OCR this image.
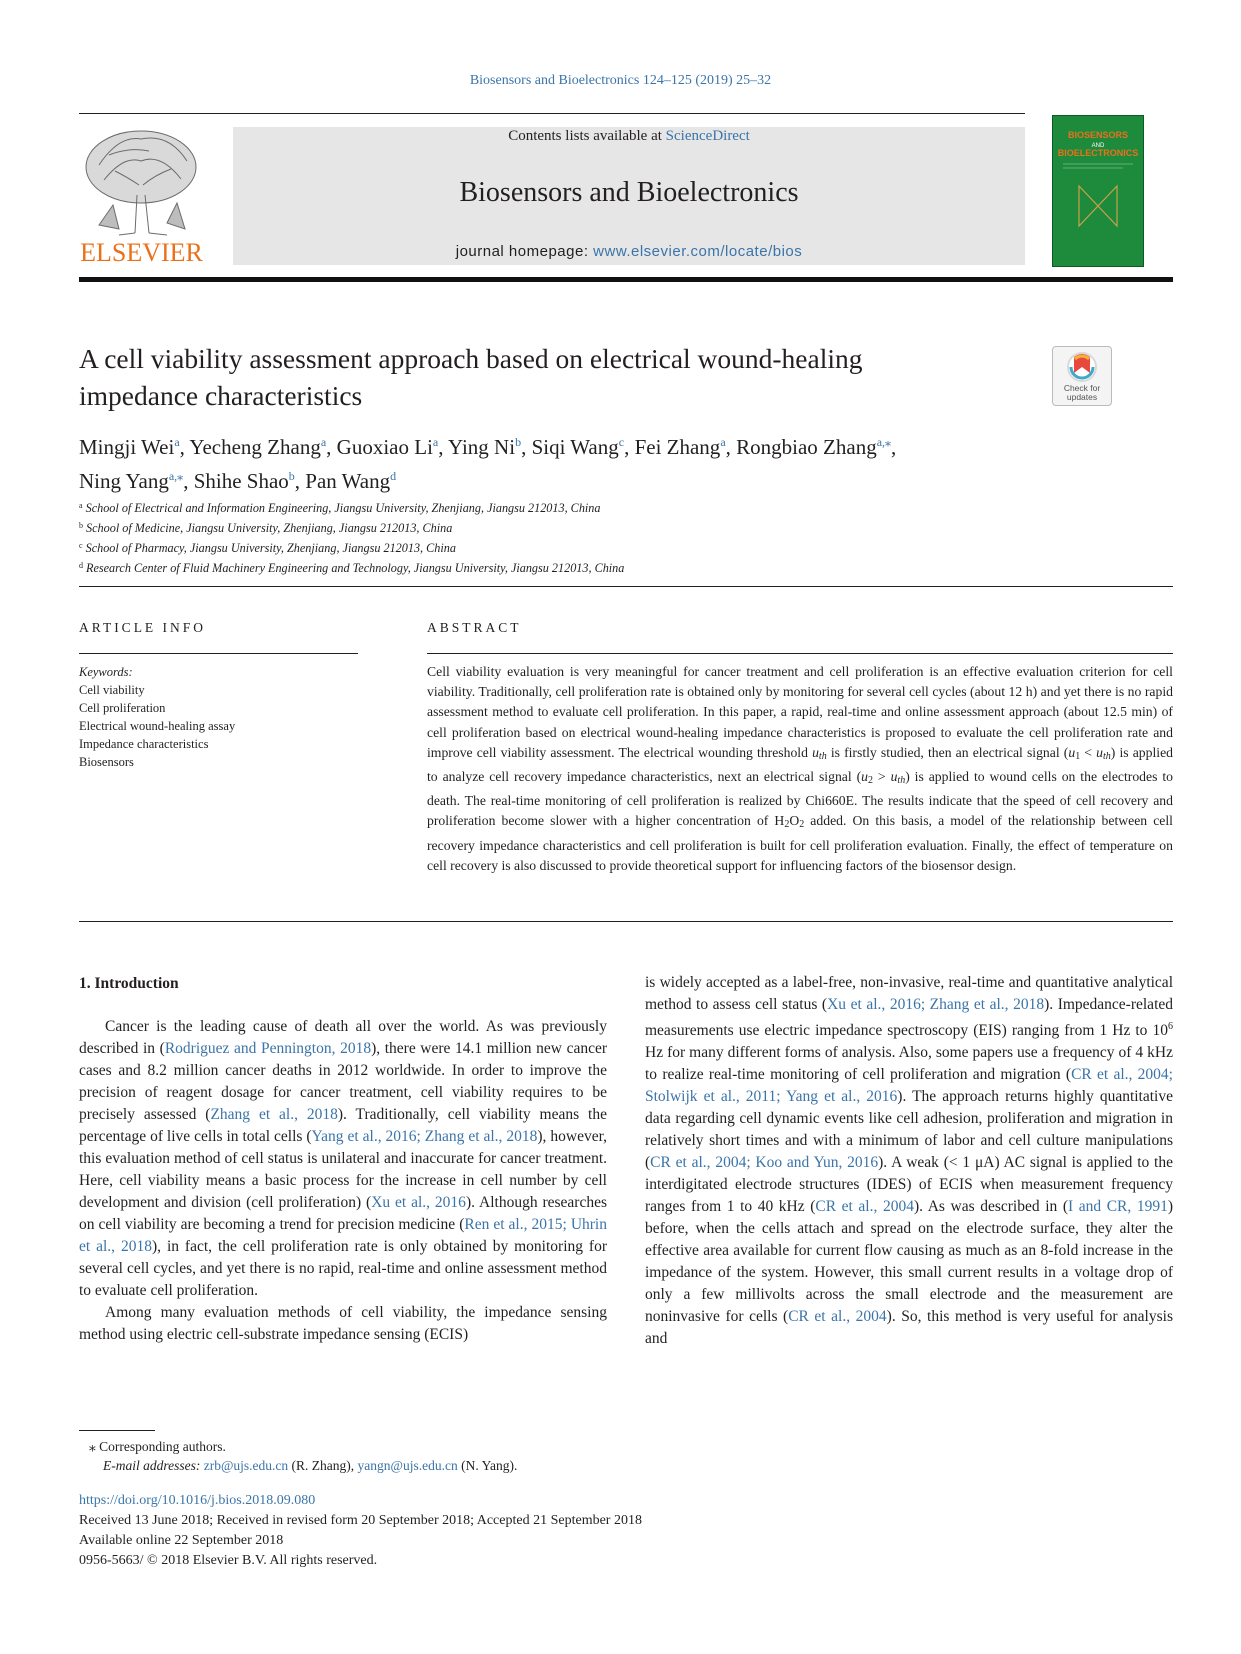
Biosensors and Bioelectronics 124–125 (2019) 25–32
ELSEVIER
Contents lists available at ScienceDirect
Biosensors and Bioelectronics
journal homepage: www.elsevier.com/locate/bios
BIOSENSORS
AND
BIOELECTRONICS
A cell viability assessment approach based on electrical wound-healing
impedance characteristics	Check for updates
Mingji Wei$^a$, Yecheng Zhang$^a$, Guoxiao Li$^a$, Ying Ni$^b$, Siqi Wang$^c$, Fei Zhang$^a$, Rongbiao Zhang$^{a,⁎}$,
Ning Yang$^{a,⁎}$, Shihe Shao$^b$, Pan Wang$^d$
$^a$ School of Electrical and Information Engineering, Jiangsu University, Zhenjiang, Jiangsu 212013, China
$^b$ School of Medicine, Jiangsu University, Zhenjiang, Jiangsu 212013, China
$^c$ School of Pharmacy, Jiangsu University, Zhenjiang, Jiangsu 212013, China
$^d$ Research Center of Fluid Machinery Engineering and Technology, Jiangsu University, Jiangsu 212013, China
ARTICLE INFO
Keywords:
Cell viability
Cell proliferation
Electrical wound-healing assay
Impedance characteristics
Biosensors
ABSTRACT
Cell viability evaluation is very meaningful for cancer treatment and cell proliferation is an effective evaluation criterion for cell viability. Traditionally, cell proliferation rate is obtained only by monitoring for several cell cycles (about 12 h) and yet there is no rapid assessment method to evaluate cell proliferation. In this paper, a rapid, real-time and online assessment approach (about 12.5 min) of cell proliferation based on electrical wound-healing impedance characteristics is proposed to evaluate the cell proliferation rate and improve cell viability assessment. The electrical wounding threshold $u_{th}$ is firstly studied, then an electrical signal $(u_1 < u_{th})$ is applied to analyze cell recovery impedance characteristics, next an electrical signal $(u_2 > u_{th})$ is applied to wound cells on the electrodes to death. The real-time monitoring of cell proliferation is realized by Chi660E. The results indicate that the speed of cell recovery and proliferation become slower with a higher concentration of $H_2O_2$ added. On this basis, a model of the relationship between cell recovery impedance characteristics and cell proliferation is built for cell proliferation evaluation. Finally, the effect of temperature on cell recovery is also discussed to provide theoretical support for influencing factors of the biosensor design.
1. Introduction

Cancer is the leading cause of death all over the world. As was previously described in (Rodriguez and Pennington, 2018), there were 14.1 million new cancer cases and 8.2 million cancer deaths in 2012 worldwide. In order to improve the precision of reagent dosage for cancer treatment, cell viability requires to be precisely assessed (Zhang et al., 2018). Traditionally, cell viability means the percentage of live cells in total cells (Yang et al., 2016; Zhang et al., 2018), however, this evaluation method of cell status is unilateral and inaccurate for cancer treatment. Here, cell viability means a basic process for the increase in cell number by cell development and division (cell proliferation) (Xu et al., 2016). Although researches on cell viability are becoming a trend for precision medicine (Ren et al., 2015; Uhrin et al., 2018), in fact, the cell proliferation rate is only obtained by monitoring for several cell cycles, and yet there is no rapid, real-time and online assessment method to evaluate cell proliferation.

Among many evaluation methods of cell viability, the impedance sensing method using electric cell-substrate impedance sensing (ECIS)

is widely accepted as a label-free, non-invasive, real-time and quantitative analytical method to assess cell status (Xu et al., 2016; Zhang et al., 2018). Impedance-related measurements use electric impedance spectroscopy (EIS) ranging from 1 Hz to $10^6$ Hz for many different forms of analysis. Also, some papers use a frequency of 4 kHz to realize real-time monitoring of cell proliferation and migration (CR et al., 2004; Stolwijk et al., 2011; Yang et al., 2016). The approach returns highly quantitative data regarding cell dynamic events like cell adhesion, proliferation and migration in relatively short times and with a minimum of labor and cell culture manipulations (CR et al., 2004; Koo and Yun, 2016). A weak (< 1 μA) AC signal is applied to the interdigitated electrode structures (IDES) of ECIS when measurement frequency ranges from 1 to 40 kHz (CR et al., 2004). As was described in (I and CR, 1991) before, when the cells attach and spread on the electrode surface, they alter the effective area available for current flow causing as much as an 8-fold increase in the impedance of the system. However, this small current results in a voltage drop of only a few millivolts across the small electrode and the measurement are noninvasive for cells (CR et al., 2004). So, this method is very useful for analysis and

⁎ Corresponding authors.
E-mail addresses: zrb@ujs.edu.cn (R. Zhang), yangn@ujs.edu.cn (N. Yang).
https://doi.org/10.1016/j.bios.2018.09.080
Received 13 June 2018; Received in revised form 20 September 2018; Accepted 21 September 2018
Available online 22 September 2018
0956-5663/ © 2018 Elsevier B.V. All rights reserved.
